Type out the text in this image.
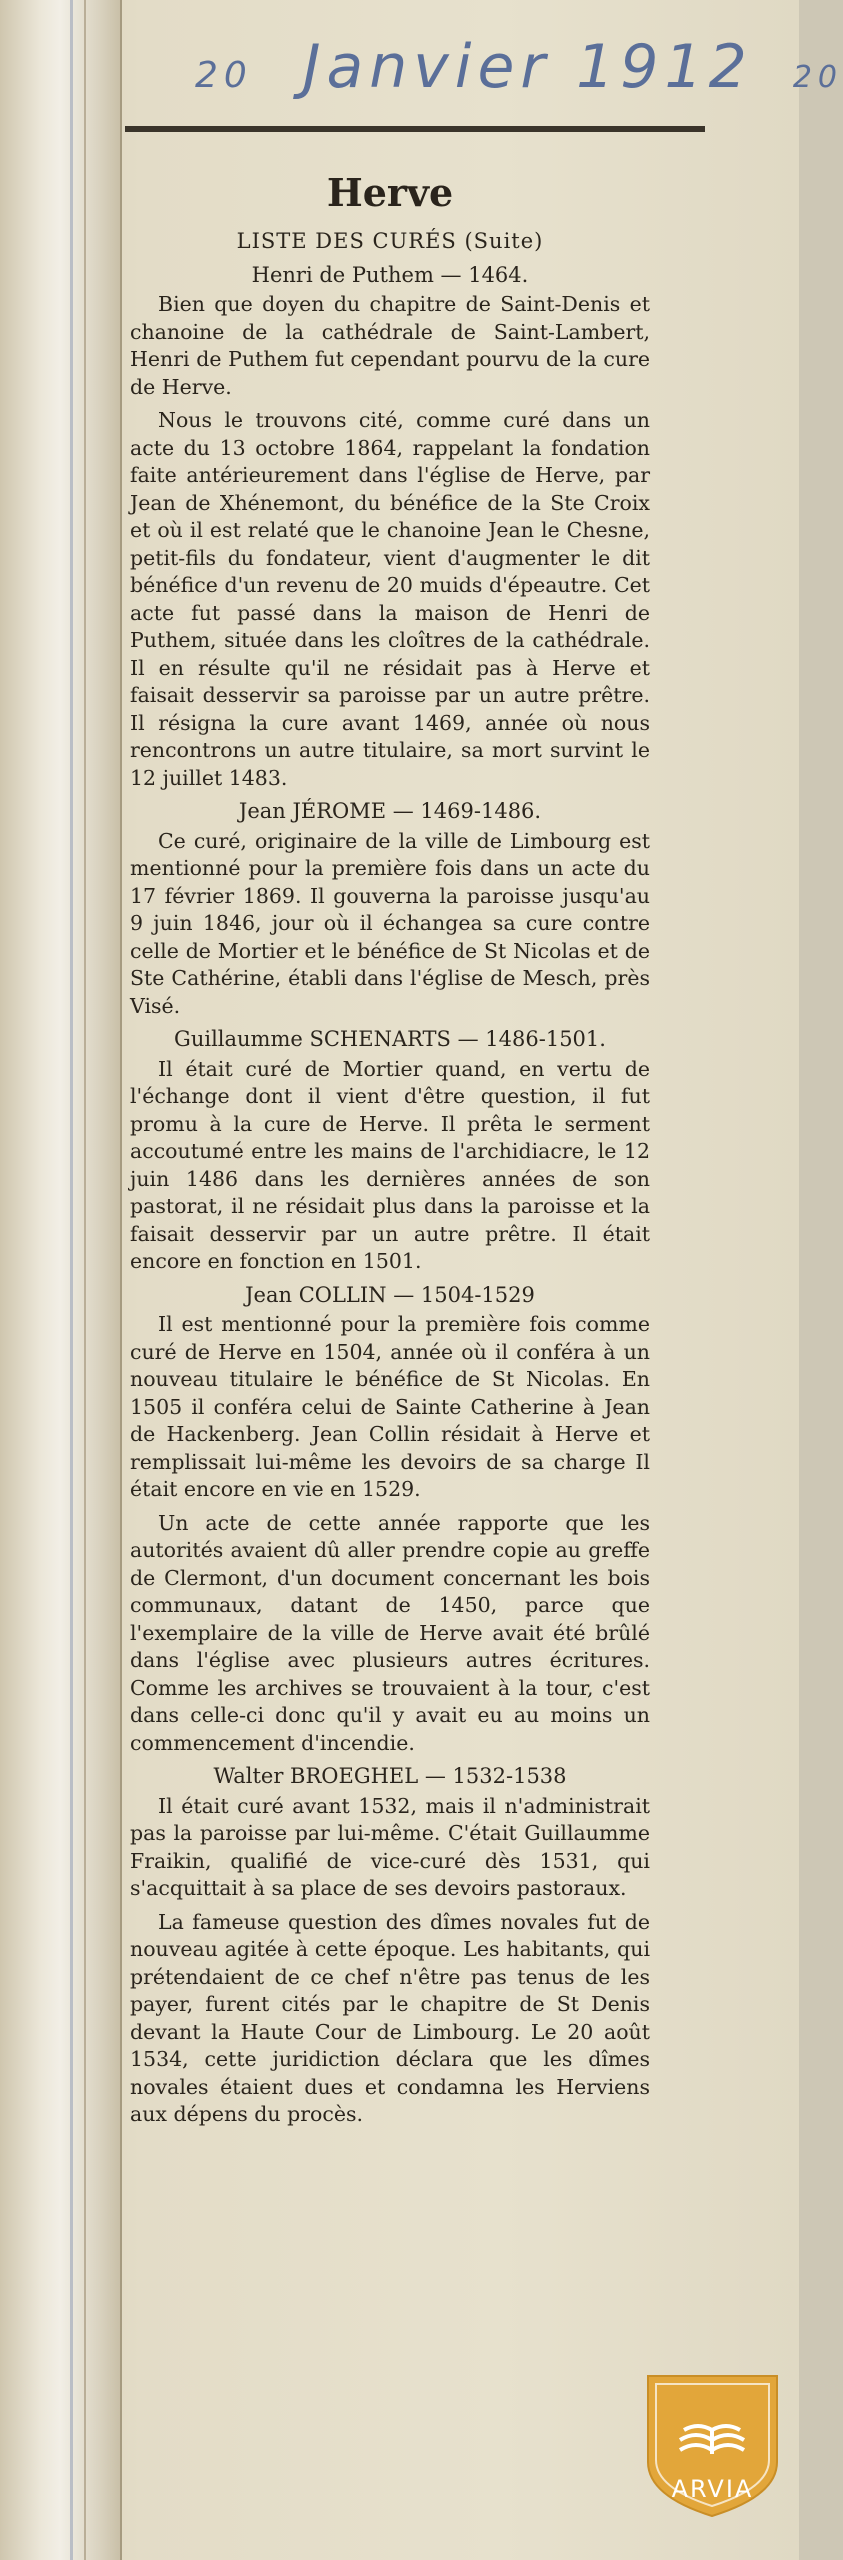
20 Janvier 1912 20
Herve
LISTE DES CURÉS (Suite)
Henri de Puthem — 1464.

Bien que doyen du chapitre de Saint-Denis et chanoine de la cathédrale de Saint-Lambert, Henri de Puthem fut cependant pourvu de la cure de Herve.

Nous le trouvons cité, comme curé dans un acte du 13 octobre 1864, rappelant la fondation faite antérieurement dans l'église de Herve, par Jean de Xhénemont, du bénéfice de la Ste Croix et où il est relaté que le chanoine Jean le Chesne, petit-fils du fondateur, vient d'augmenter le dit bénéfice d'un revenu de 20 muids d'épeautre. Cet acte fut passé dans la maison de Henri de Puthem, située dans les cloîtres de la cathédrale. Il en résulte qu'il ne résidait pas à Herve et faisait desservir sa paroisse par un autre prêtre. Il résigna la cure avant 1469, année où nous rencontrons un autre titulaire, sa mort survint le 12 juillet 1483.

Jean JÉROME — 1469-1486.

Ce curé, originaire de la ville de Limbourg est mentionné pour la première fois dans un acte du 17 février 1869. Il gouverna la paroisse jusqu'au 9 juin 1846, jour où il échangea sa cure contre celle de Mortier et le bénéfice de St Nicolas et de Ste Cathérine, établi dans l'église de Mesch, près Visé.

Guillaumme SCHENARTS — 1486-1501.

Il était curé de Mortier quand, en vertu de l'échange dont il vient d'être question, il fut promu à la cure de Herve. Il prêta le serment accoutumé entre les mains de l'archidiacre, le 12 juin 1486 dans les dernières années de son pastorat, il ne résidait plus dans la paroisse et la faisait desservir par un autre prêtre. Il était encore en fonction en 1501.

Jean COLLIN — 1504-1529

Il est mentionné pour la première fois comme curé de Herve en 1504, année où il conféra à un nouveau titulaire le bénéfice de St Nicolas. En 1505 il conféra celui de Sainte Catherine à Jean de Hackenberg. Jean Collin résidait à Herve et remplissait lui-même les devoirs de sa charge Il était encore en vie en 1529.

Un acte de cette année rapporte que les autorités avaient dû aller prendre copie au greffe de Clermont, d'un document concernant les bois communaux, datant de 1450, parce que l'exemplaire de la ville de Herve avait été brûlé dans l'église avec plusieurs autres écritures. Comme les archives se trouvaient à la tour, c'est dans celle-ci donc qu'il y avait eu au moins un commencement d'incendie.

Walter BROEGHEL — 1532-1538

Il était curé avant 1532, mais il n'administrait pas la paroisse par lui-même. C'était Guillaumme Fraikin, qualifié de vice-curé dès 1531, qui s'acquittait à sa place de ses devoirs pastoraux.

La fameuse question des dîmes novales fut de nouveau agitée à cette époque. Les habitants, qui prétendaient de ce chef n'être pas tenus de les payer, furent cités par le chapitre de St Denis devant la Haute Cour de Limbourg. Le 20 août 1534, cette juridiction déclara que les dîmes novales étaient dues et condamna les Herviens aux dépens du procès.

ARVIA
